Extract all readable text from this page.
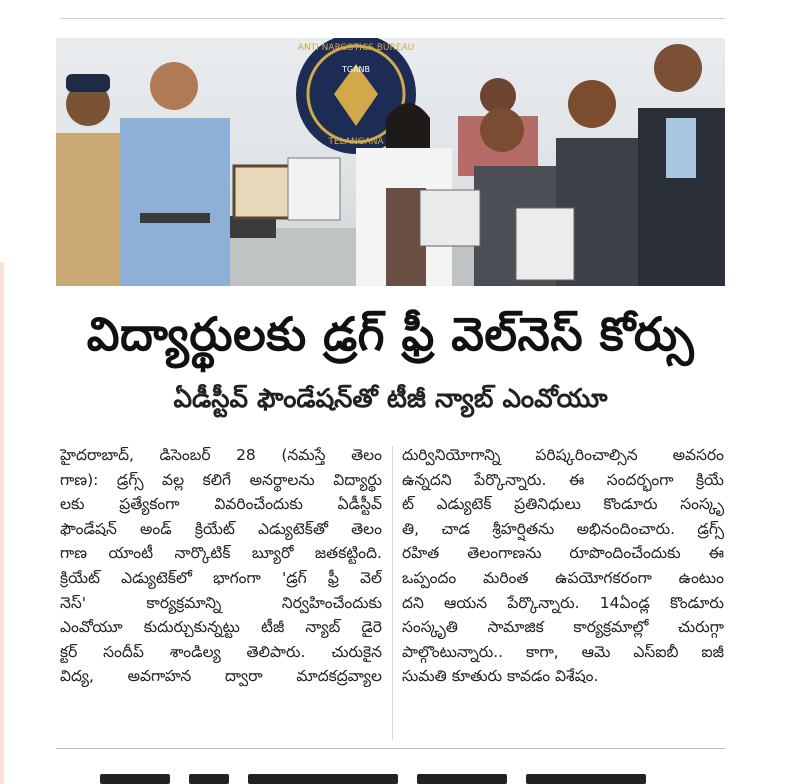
ANTI NARCOTICS BUREAU
TGANB
TELANGANA
విద్యార్థులకు డ్రగ్ ఫ్రీ వెల్‌నెస్ కోర్సు
ఏడీస్టీవ్ ఫౌండేషన్‌తో టీజీ న్యాబ్ ఎంవోయూ
హైదరాబాద్, డిసెంబర్ 28 (నమస్తే తెలం
గాణ): డ్రగ్స్ వల్ల కలిగే అనర్థాలను విద్యార్థు
లకు ప్రత్యేకంగా వివరించేందుకు ఏడీస్టీవ్
ఫౌండేషన్ అండ్ క్రియేట్ ఎడ్యుటెక్‌తో తెలం
గాణ యాంటీ నార్కొటిక్ బ్యూరో జతకట్టింది.
క్రియేట్ ఎడ్యుటెక్‌లో భాగంగా 'డ్రగ్ ఫ్రీ వెల్
నెస్' కార్యక్రమాన్ని నిర్వహించేందుకు
ఎంవోయూ కుదుర్చుకున్నట్టు టీజీ న్యాబ్ డైరె
క్టర్ సందీప్ శాండిల్య తెలిపారు. చురుకైన
విద్య, అవగాహన ద్వారా మాదకద్రవ్యాల
దుర్వినియోగాన్ని పరిష్కరించాల్సిన అవసరం
ఉన్నదని పేర్కొన్నారు. ఈ సందర్భంగా క్రియే
ట్ ఎడ్యుటెక్ ప్రతినిధులు కొండూరు సంస్కృ
తి, చాడ శ్రీహర్షితను అభినందించారు. డ్రగ్స్
రహిత తెలంగాణను రూపొందించేందుకు ఈ
ఒప్పందం మరింత ఉపయోగకరంగా ఉంటుం
దని ఆయన పేర్కొన్నారు. 14ఏండ్ల కొండూరు
సంస్కృతి సామాజిక కార్యక్రమాల్లో చురుగ్గా
పాల్గొంటున్నారు.. కాగా, ఆమె ఎస్‌ఐబీ ఐజీ
సుమతి కూతురు కావడం విశేషం.
